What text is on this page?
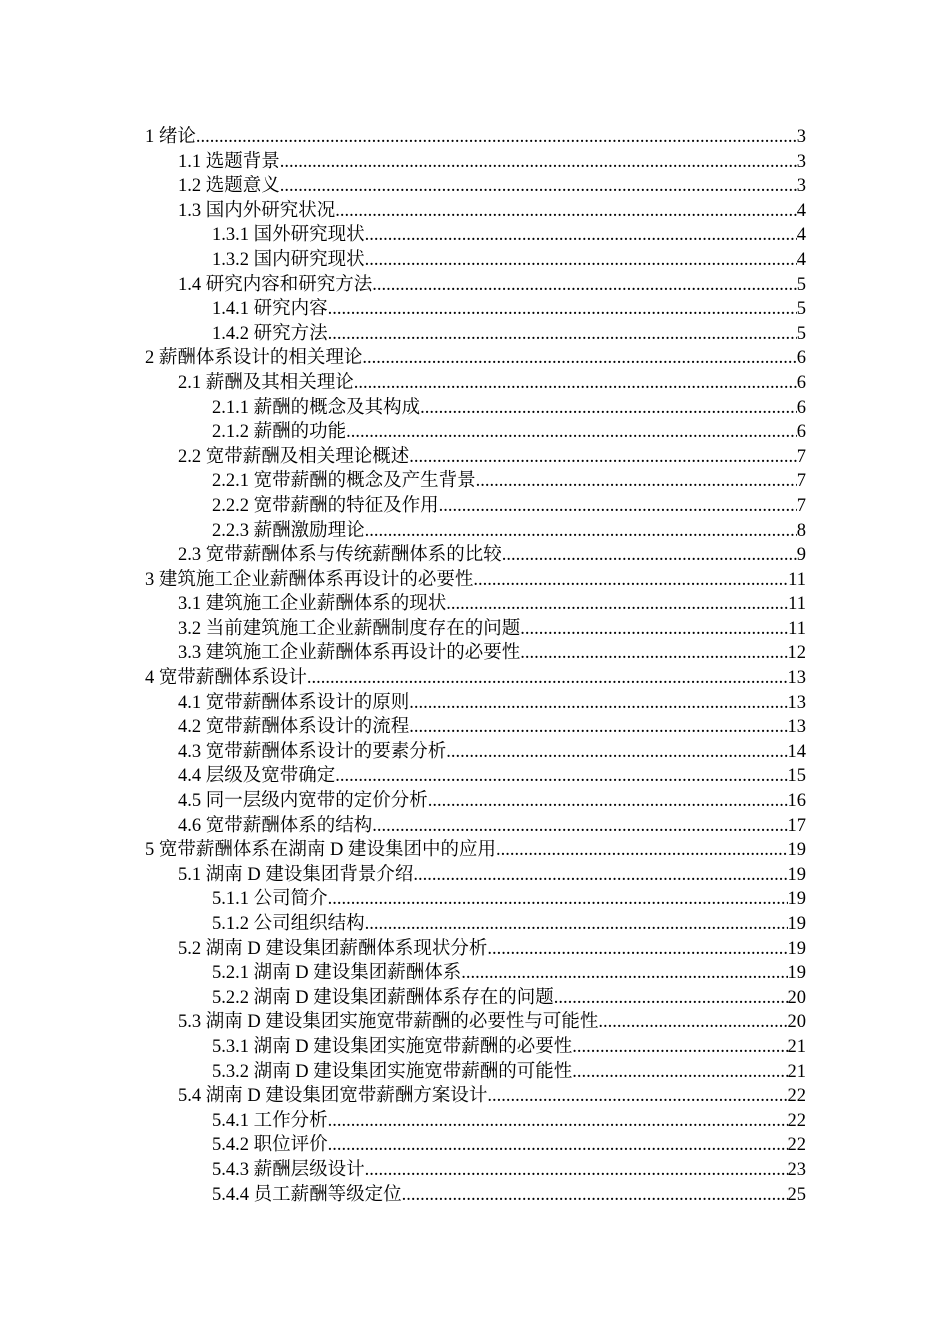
1 绪论 .....	3
1.1 选题背景 .....	3
1.2 选题意义 .....	3
1.3 国内外研究状况 .....	4
1.3.1 国外研究现状 .....	4
1.3.2 国内研究现状 .....	4
1.4 研究内容和研究方法 .....	5
1.4.1 研究内容 .....	5
1.4.2 研究方法 .....	5
2 薪酬体系设计的相关理论 .....	6
2.1 薪酬及其相关理论 .....	6
2.1.1 薪酬的概念及其构成 .....	6
2.1.2 薪酬的功能 .....	6
2.2 宽带薪酬及相关理论概述 .....	7
2.2.1 宽带薪酬的概念及产生背景 .....	7
2.2.2 宽带薪酬的特征及作用 .....	7
2.2.3 薪酬激励理论 .....	8
2.3 宽带薪酬体系与传统薪酬体系的比较 .....	9
3 建筑施工企业薪酬体系再设计的必要性 .....	11
3.1 建筑施工企业薪酬体系的现状 .....	11
3.2 当前建筑施工企业薪酬制度存在的问题 .....	11
3.3 建筑施工企业薪酬体系再设计的必要性 .....	12
4 宽带薪酬体系设计 .....	13
4.1 宽带薪酬体系设计的原则 .....	13
4.2 宽带薪酬体系设计的流程 .....	13
4.3 宽带薪酬体系设计的要素分析 .....	14
4.4 层级及宽带确定 .....	15
4.5 同一层级内宽带的定价分析 .....	16
4.6 宽带薪酬体系的结构 .....	17
5 宽带薪酬体系在湖南 D 建设集团中的应用 .....	19
5.1 湖南 D 建设集团背景介绍 .....	19
5.1.1 公司简介 .....	19
5.1.2 公司组织结构 .....	19
5.2 湖南 D 建设集团薪酬体系现状分析 .....	19
5.2.1 湖南 D 建设集团薪酬体系 .....	19
5.2.2 湖南 D 建设集团薪酬体系存在的问题 .....	20
5.3 湖南 D 建设集团实施宽带薪酬的必要性与可能性 .....	20
5.3.1 湖南 D 建设集团实施宽带薪酬的必要性 .....	21
5.3.2 湖南 D 建设集团实施宽带薪酬的可能性 .....	21
5.4 湖南 D 建设集团宽带薪酬方案设计 .....	22
5.4.1 工作分析 .....	22
5.4.2 职位评价 .....	22
5.4.3 薪酬层级设计 .....	23
5.4.4 员工薪酬等级定位 .....	25
